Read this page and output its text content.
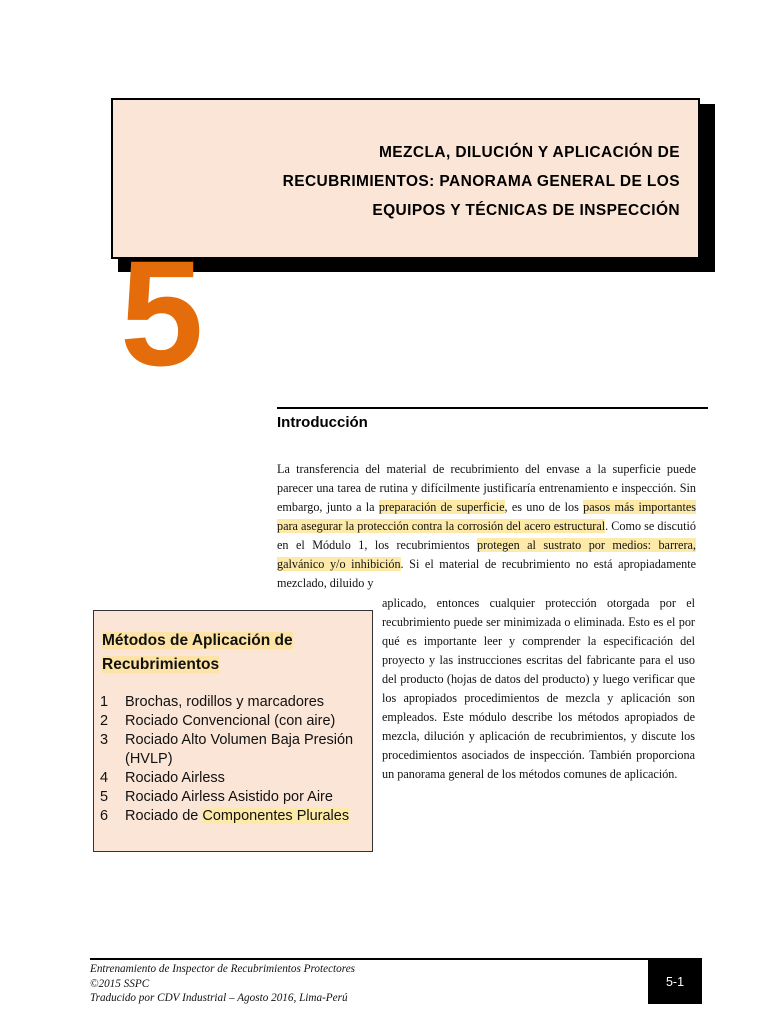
MEZCLA, DILUCIÓN Y APLICACIÓN DE
RECUBRIMIENTOS: PANORAMA GENERAL DE LOS
EQUIPOS Y TÉCNICAS DE INSPECCIÓN
5
Introducción

La transferencia del material de recubrimiento del envase a la superficie puede parecer una tarea de rutina y difícilmente justificaría entrenamiento e inspección. Sin embargo, junto a la preparación de superficie, es uno de los pasos más importantes para asegurar la protección contra la corrosión del acero estructural. Como se discutió en el Módulo 1, los recubrimientos protegen al sustrato por medios: barrera, galvánico y/o inhibición. Si el material de recubrimiento no está apropiadamente mezclado, diluido y

aplicado, entonces cualquier protección otorgada por el recubrimiento puede ser minimizada o eliminada. Esto es el por qué es importante leer y comprender la especificación del proyecto y las instrucciones escritas del fabricante para el uso del producto (hojas de datos del producto) y luego verificar que los apropiados procedimientos de mezcla y aplicación son empleados. Este módulo describe los métodos apropiados de mezcla, dilución y aplicación de recubrimientos, y discute los procedimientos asociados de inspección. También proporciona un panorama general de los métodos comunes de aplicación.

Métodos de Aplicación de
Recubrimientos
1	Brochas, rodillos y marcadores
2	Rociado Convencional (con aire)
3	Rociado Alto Volumen Baja Presión (HVLP)
4	Rociado Airless
5	Rociado Airless Asistido por Aire
6	Rociado de Componentes Plurales
Entrenamiento de Inspector de Recubrimientos Protectores
©2015 SSPC
Traducido por CDV Industrial – Agosto 2016, Lima-Perú
5-1
